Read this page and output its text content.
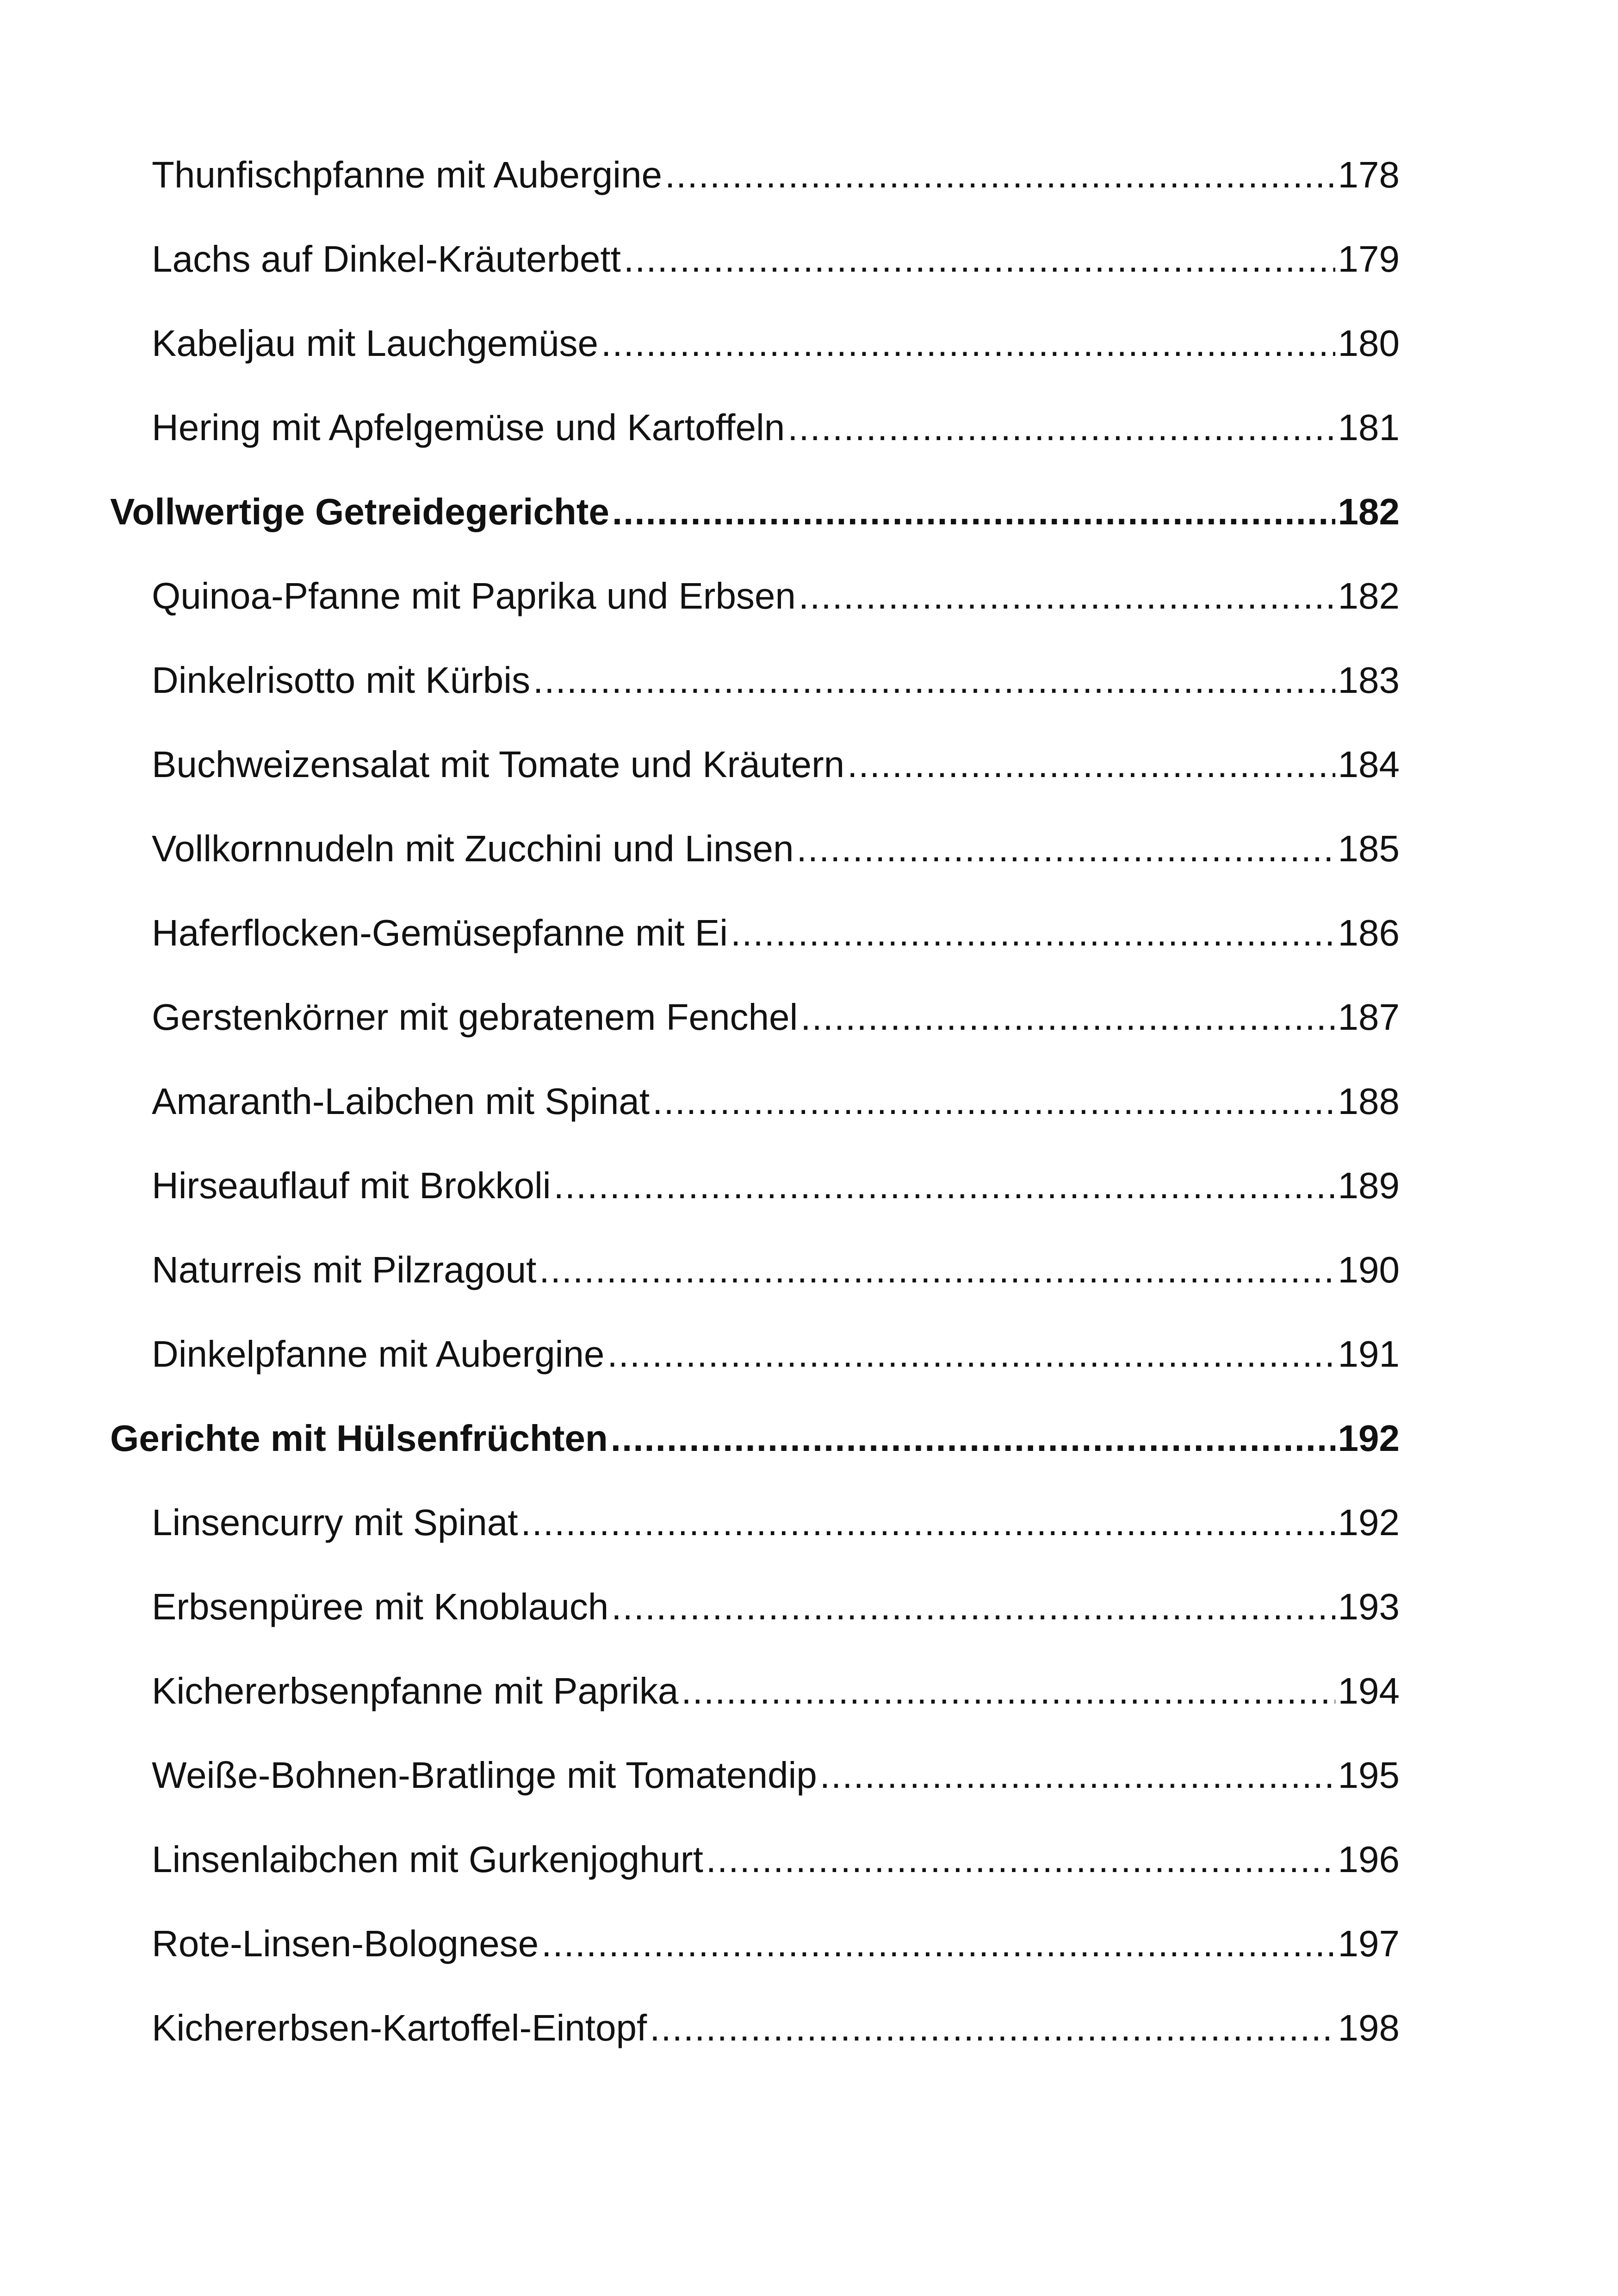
Thunfischpfanne mit Aubergine .....	178
Lachs auf Dinkel-Kräuterbett .....	179
Kabeljau mit Lauchgemüse .....	180
Hering mit Apfelgemüse und Kartoffeln .....	181
Vollwertige Getreidegerichte .....	182
Quinoa-Pfanne mit Paprika und Erbsen .....	182
Dinkelrisotto mit Kürbis .....	183
Buchweizensalat mit Tomate und Kräutern .....	184
Vollkornnudeln mit Zucchini und Linsen .....	185
Haferflocken-Gemüsepfanne mit Ei .....	186
Gerstenkörner mit gebratenem Fenchel .....	187
Amaranth-Laibchen mit Spinat .....	188
Hirseauflauf mit Brokkoli .....	189
Naturreis mit Pilzragout .....	190
Dinkelpfanne mit Aubergine .....	191
Gerichte mit Hülsenfrüchten .....	192
Linsencurry mit Spinat .....	192
Erbsenpüree mit Knoblauch .....	193
Kichererbsenpfanne mit Paprika .....	194
Weiße-Bohnen-Bratlinge mit Tomatendip .....	195
Linsenlaibchen mit Gurkenjoghurt .....	196
Rote-Linsen-Bolognese .....	197
Kichererbsen-Kartoffel-Eintopf .....	198
